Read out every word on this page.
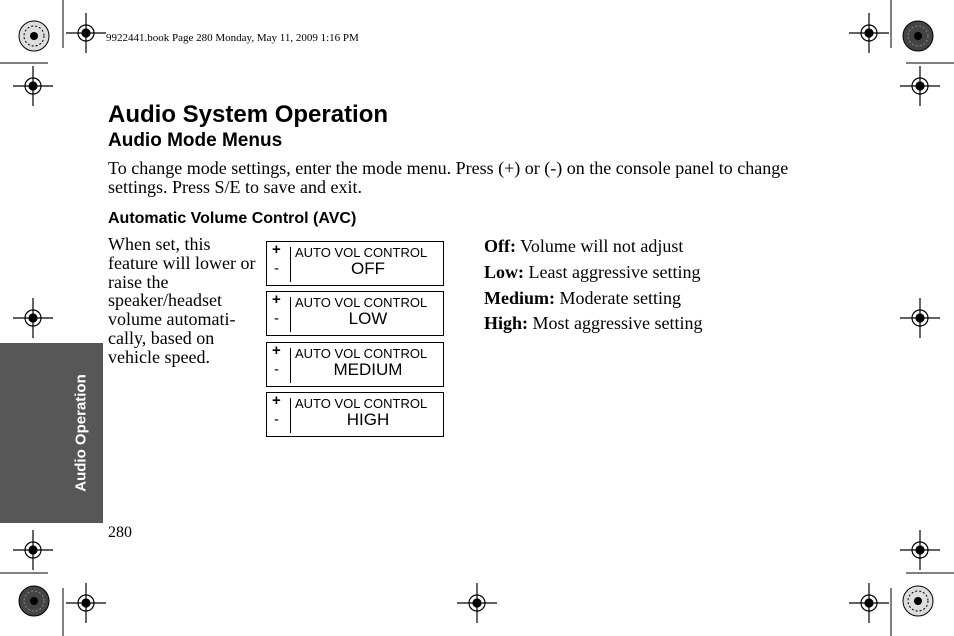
9922441.book Page 280 Monday, May 11, 2009 1:16 PM
Audio System Operation
Audio Mode Menus
To change mode settings, enter the mode menu. Press (+) or (-) on the console panel to change settings. Press S/E to save and exit.
Automatic Volume Control (AVC)
When set, this feature will lower or raise the speaker/headset volume automati-cally, based on vehicle speed.
+
-
AUTO VOL CONTROL
OFF
+
-
AUTO VOL CONTROL
LOW
+
-
AUTO VOL CONTROL
MEDIUM
+
-
AUTO VOL CONTROL
HIGH
Off: Volume will not adjust
Low: Least aggressive setting
Medium: Moderate setting
High: Most aggressive setting
Audio Operation
280
